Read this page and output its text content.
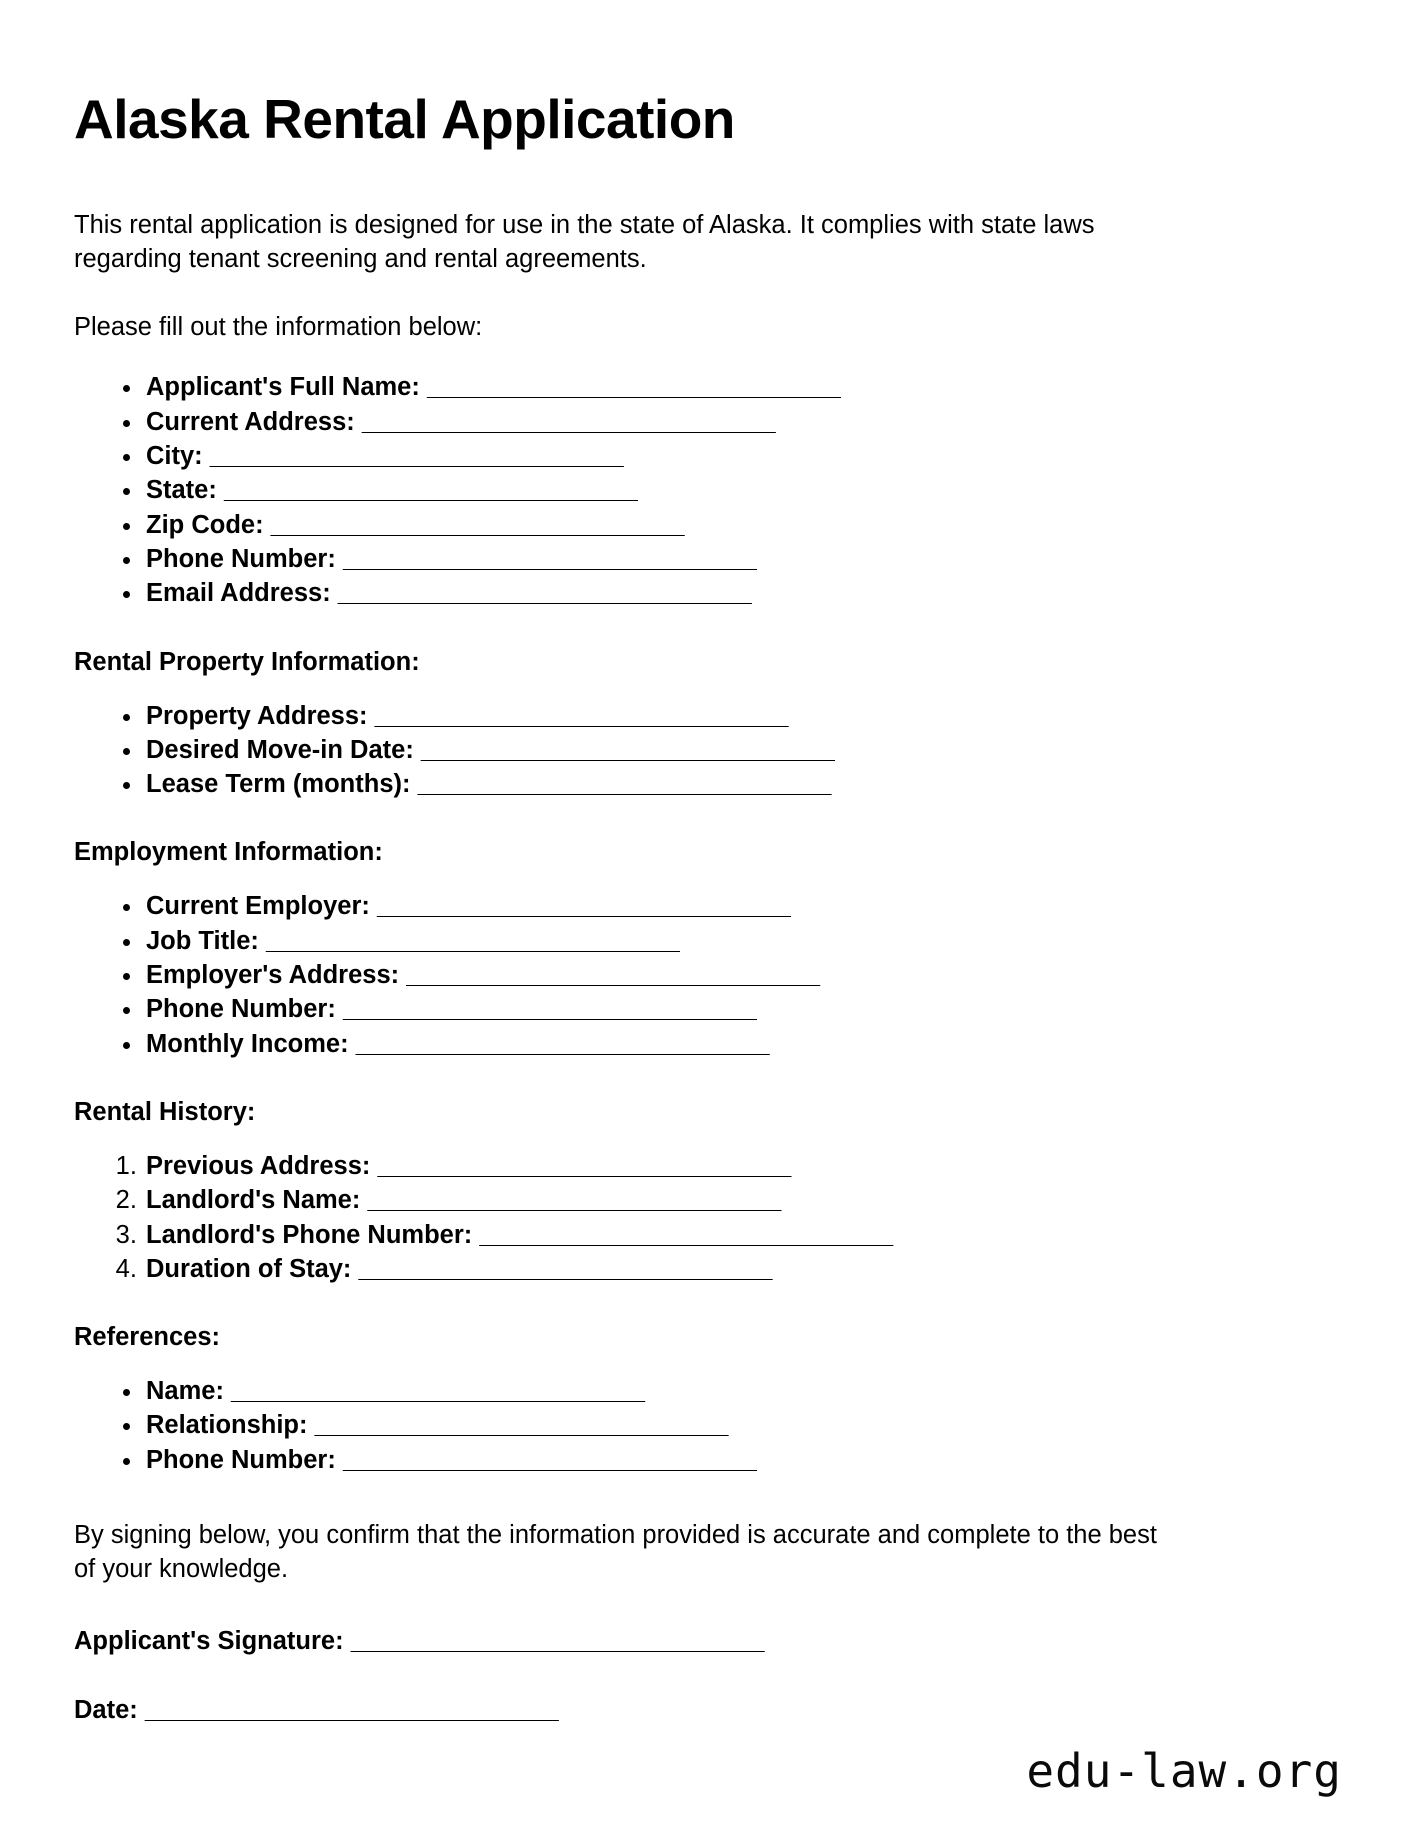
Alaska Rental Application

This rental application is designed for use in the state of Alaska. It complies with state laws regarding tenant screening and rental agreements.

Please fill out the information below:

• Applicant's Full Name: ______________________________
• Current Address: ______________________________
• City: ______________________________
• State: ______________________________
• Zip Code: ______________________________
• Phone Number: ______________________________
• Email Address: ______________________________
Rental Property Information:
• Property Address: ______________________________
• Desired Move-in Date: ______________________________
• Lease Term (months): ______________________________
Employment Information:
• Current Employer: ______________________________
• Job Title: ______________________________
• Employer's Address: ______________________________
• Phone Number: ______________________________
• Monthly Income: ______________________________
Rental History:
1. Previous Address: ______________________________
2. Landlord's Name: ______________________________
3. Landlord's Phone Number: ______________________________
4. Duration of Stay: ______________________________
References:
• Name: ______________________________
• Relationship: ______________________________
• Phone Number: ______________________________

By signing below, you confirm that the information provided is accurate and complete to the best of your knowledge.

Applicant's Signature: ______________________________
Date: ______________________________
edu-law.org
